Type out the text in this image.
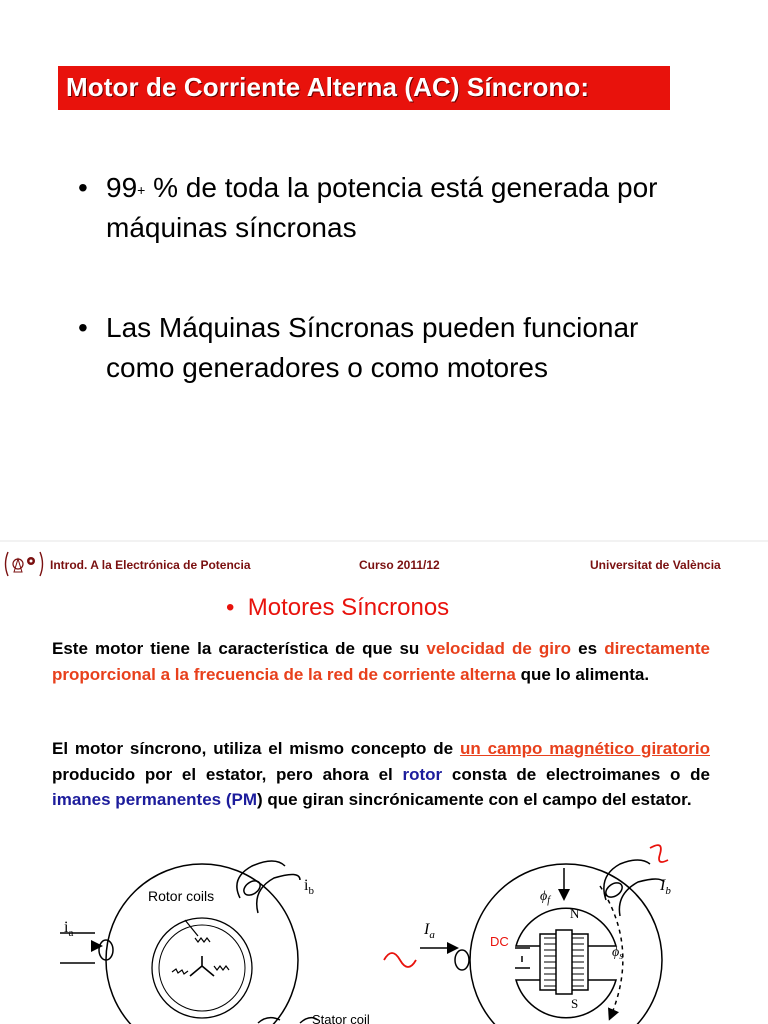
Motor de Corriente Alterna (AC) Síncrono:
• 99+ % de toda la potencia está generada por máquinas síncronas
• Las Máquinas Síncronas pueden funcionar como generadores o como motores
Introd. A la Electrónica de Potencia	Curso 2011/12	Universitat de València
• Motores Síncronos
Este motor tiene la característica de que su velocidad de giro es directamente proporcional a la frecuencia de la red de corriente alterna que lo alimenta.
El motor síncrono, utiliza el mismo concepto de un campo magnético giratorio producido por el estator, pero ahora el rotor consta de electroimanes o de imanes permanentes (PM) que giran sincrónicamente con el campo del estator.
Rotor coils
$i_a$
$i_b$
Stator coil
$I_a$
$I_b$
DC
N
S
$\phi_f$
$\phi_s$
